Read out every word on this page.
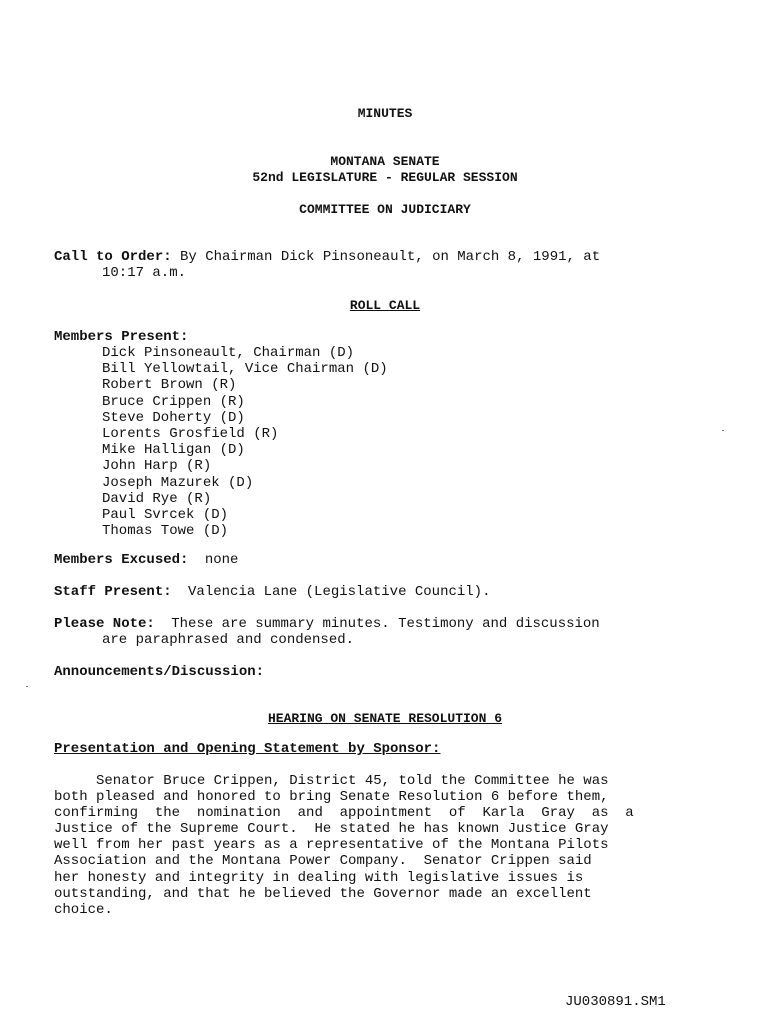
MINUTES
MONTANA SENATE
52nd LEGISLATURE - REGULAR SESSION
COMMITTEE ON JUDICIARY
Call to Order: By Chairman Dick Pinsoneault, on March 8, 1991, at
10:17 a.m.
ROLL CALL
Members Present:
Dick Pinsoneault, Chairman (D)
Bill Yellowtail, Vice Chairman (D)
Robert Brown (R)
Bruce Crippen (R)
Steve Doherty (D)
Lorents Grosfield (R)
Mike Halligan (D)
John Harp (R)
Joseph Mazurek (D)
David Rye (R)
Paul Svrcek (D)
Thomas Towe (D)
Members Excused: none
Staff Present: Valencia Lane (Legislative Council).
Please Note: These are summary minutes. Testimony and discussion
are paraphrased and condensed.
Announcements/Discussion:
HEARING ON SENATE RESOLUTION 6
Presentation and Opening Statement by Sponsor:
Senator Bruce Crippen, District 45, told the Committee he was
both pleased and honored to bring Senate Resolution 6 before them,
confirming  the  nomination  and  appointment  of  Karla  Gray  as  a
Justice of the Supreme Court.  He stated he has known Justice Gray
well from her past years as a representative of the Montana Pilots
Association and the Montana Power Company.  Senator Crippen said
her honesty and integrity in dealing with legislative issues is
outstanding, and that he believed the Governor made an excellent
choice.
JU030891.SM1
